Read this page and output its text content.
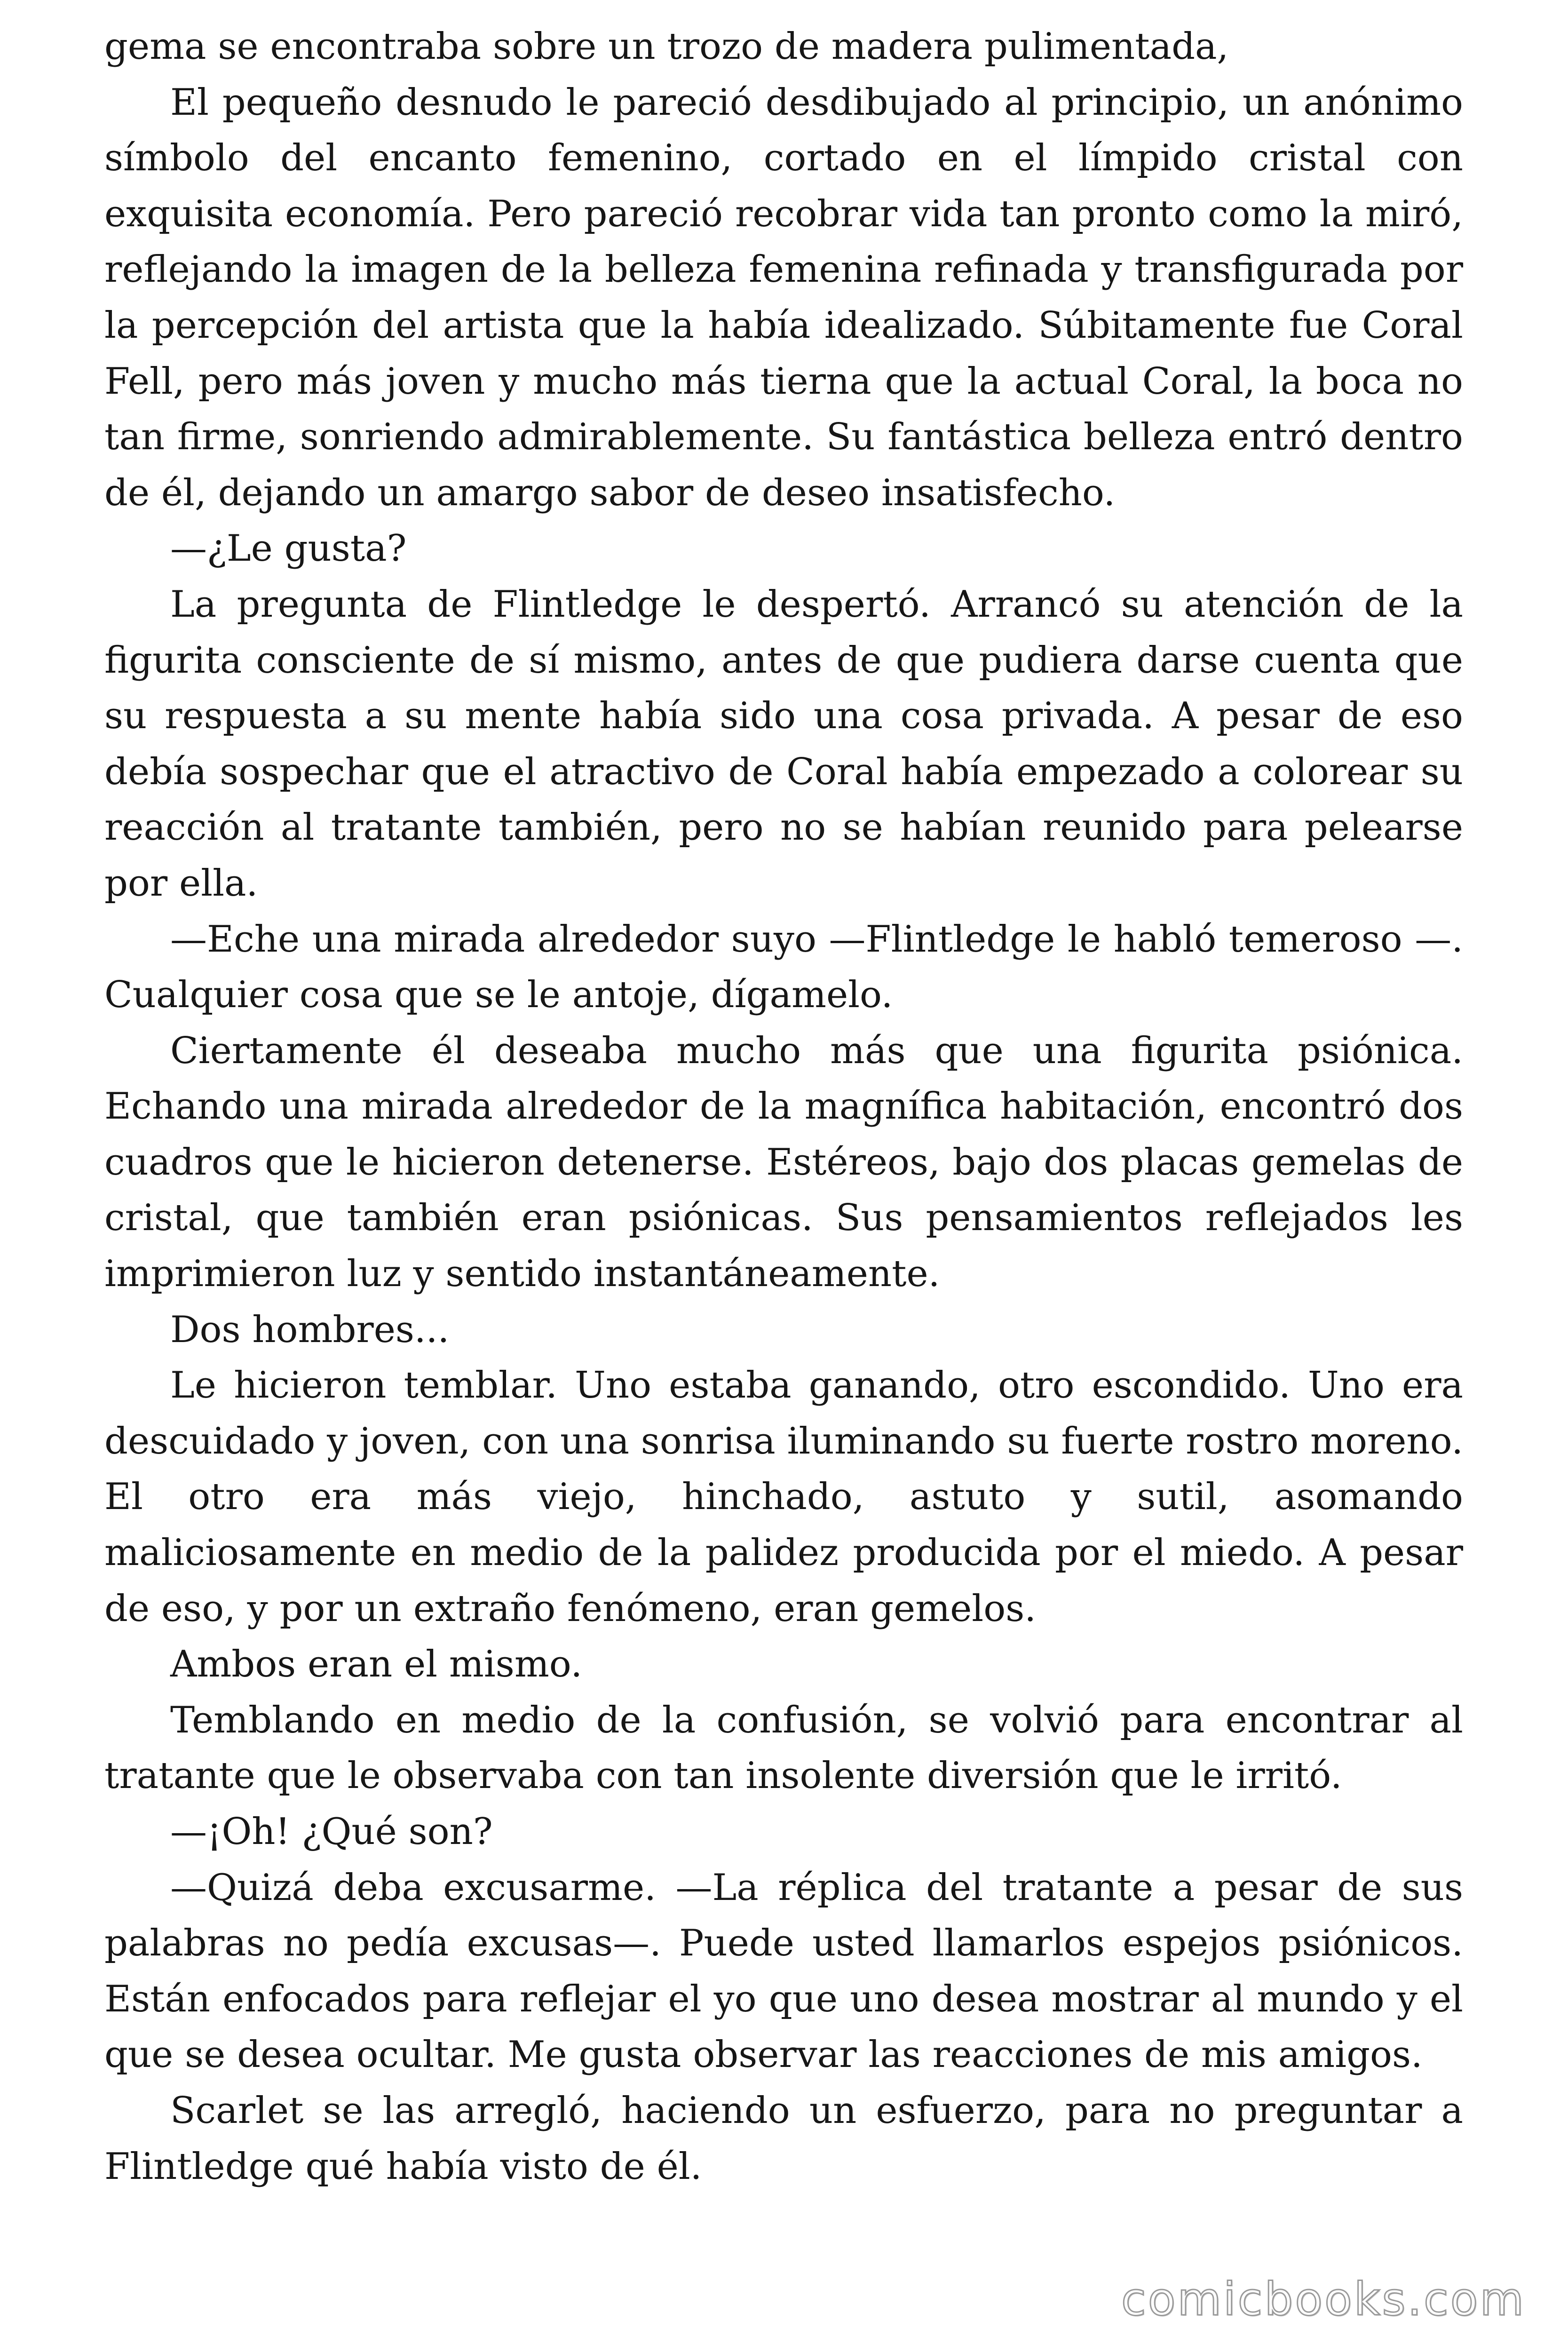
gema se encontraba sobre un trozo de madera pulimentada,

El pequeño desnudo le pareció desdibujado al principio, un anónimo símbolo del encanto femenino, cortado en el límpido cristal con exquisita economía. Pero pareció recobrar vida tan pronto como la miró, reflejando la imagen de la belleza femenina refinada y transfigurada por la percepción del artista que la había idealizado. Súbitamente fue Coral Fell, pero más joven y mucho más tierna que la actual Coral, la boca no tan firme, sonriendo admirablemente. Su fantástica belleza entró dentro de él, dejando un amargo sabor de deseo insatisfecho.

—¿Le gusta?

La pregunta de Flintledge le despertó. Arrancó su atención de la figurita consciente de sí mismo, antes de que pudiera darse cuenta que su respuesta a su mente había sido una cosa privada. A pesar de eso debía sospechar que el atractivo de Coral había empezado a colorear su reacción al tratante también, pero no se habían reunido para pelearse por ella.

—Eche una mirada alrededor suyo —Flintledge le habló temeroso —. Cualquier cosa que se le antoje, dígamelo.

Ciertamente él deseaba mucho más que una figurita psiónica. Echando una mirada alrededor de la magnífica habitación, encontró dos cuadros que le hicieron detenerse. Estéreos, bajo dos placas gemelas de cristal, que también eran psiónicas. Sus pensamientos reflejados les imprimieron luz y sentido instantáneamente.

Dos hombres...

Le hicieron temblar. Uno estaba ganando, otro escondido. Uno era descuidado y joven, con una sonrisa iluminando su fuerte rostro moreno. El otro era más viejo, hinchado, astuto y sutil, asomando maliciosamente en medio de la palidez producida por el miedo. A pesar de eso, y por un extraño fenómeno, eran gemelos.

Ambos eran el mismo.

Temblando en medio de la confusión, se volvió para encontrar al tratante que le observaba con tan insolente diversión que le irritó.

—¡Oh! ¿Qué son?

—Quizá deba excusarme. —La réplica del tratante a pesar de sus palabras no pedía excusas—. Puede usted llamarlos espejos psiónicos. Están enfocados para reflejar el yo que uno desea mostrar al mundo y el que se desea ocultar. Me gusta observar las reacciones de mis amigos.

Scarlet se las arregló, haciendo un esfuerzo, para no preguntar a Flintledge qué había visto de él.

comicbooks.com
